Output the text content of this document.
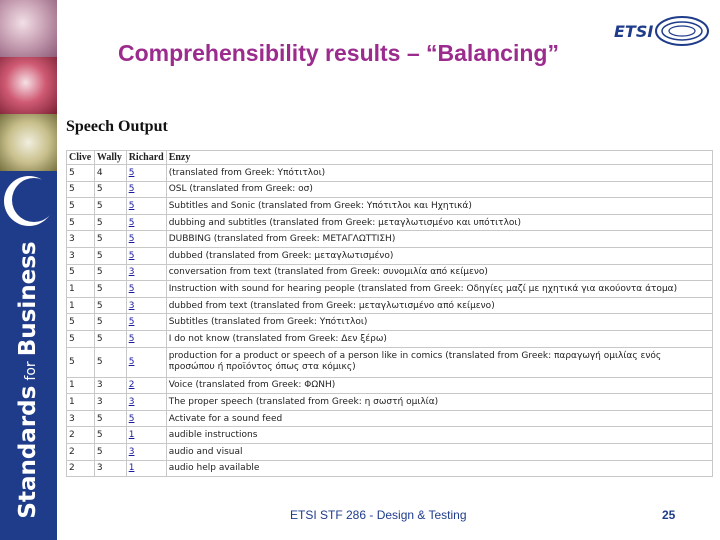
Standards for Business
Comprehensibility results – “Balancing”
ETSI
Speech Output
Clive	Wally	Richard	Enzy
5	4	5	(translated from Greek: Υπότιτλοι)
5	5	5	OSL (translated from Greek: οσ)
5	5	5	Subtitles and Sonic (translated from Greek: Υπότιτλοι και Ηχητικά)
5	5	5	dubbing and subtitles (translated from Greek: μεταγλωτισμένο και υπότιτλοι)
3	5	5	DUBBING (translated from Greek: ΜΕΤΑΓΛΩΤΤΙΣΗ)
3	5	5	dubbed (translated from Greek: μεταγλωτισμένο)
5	5	3	conversation from text (translated from Greek: συνομιλία από κείμενο)
1	5	5	Instruction with sound for hearing people (translated from Greek: Οδηγίες μαζί με ηχητικά για ακούοντα άτομα)
1	5	3	dubbed from text (translated from Greek: μεταγλωτισμένο από κείμενο)
5	5	5	Subtitles (translated from Greek: Υπότιτλοι)
5	5	5	I do not know (translated from Greek: Δεν ξέρω)
5	5	5	production for a product or speech of a person like in comics (translated from Greek: παραγωγή ομιλίας ενός προσώπου ή προϊόντος όπως στα κόμικς)
1	3	2	Voice (translated from Greek: ΦΩΝΗ)
1	3	3	The proper speech (translated from Greek: η σωστή ομιλία)
3	5	5	Activate for a sound feed
2	5	1	audible instructions
2	5	3	audio and visual
2	3	1	audio help available
ETSI STF 286 - Design & Testing	25
